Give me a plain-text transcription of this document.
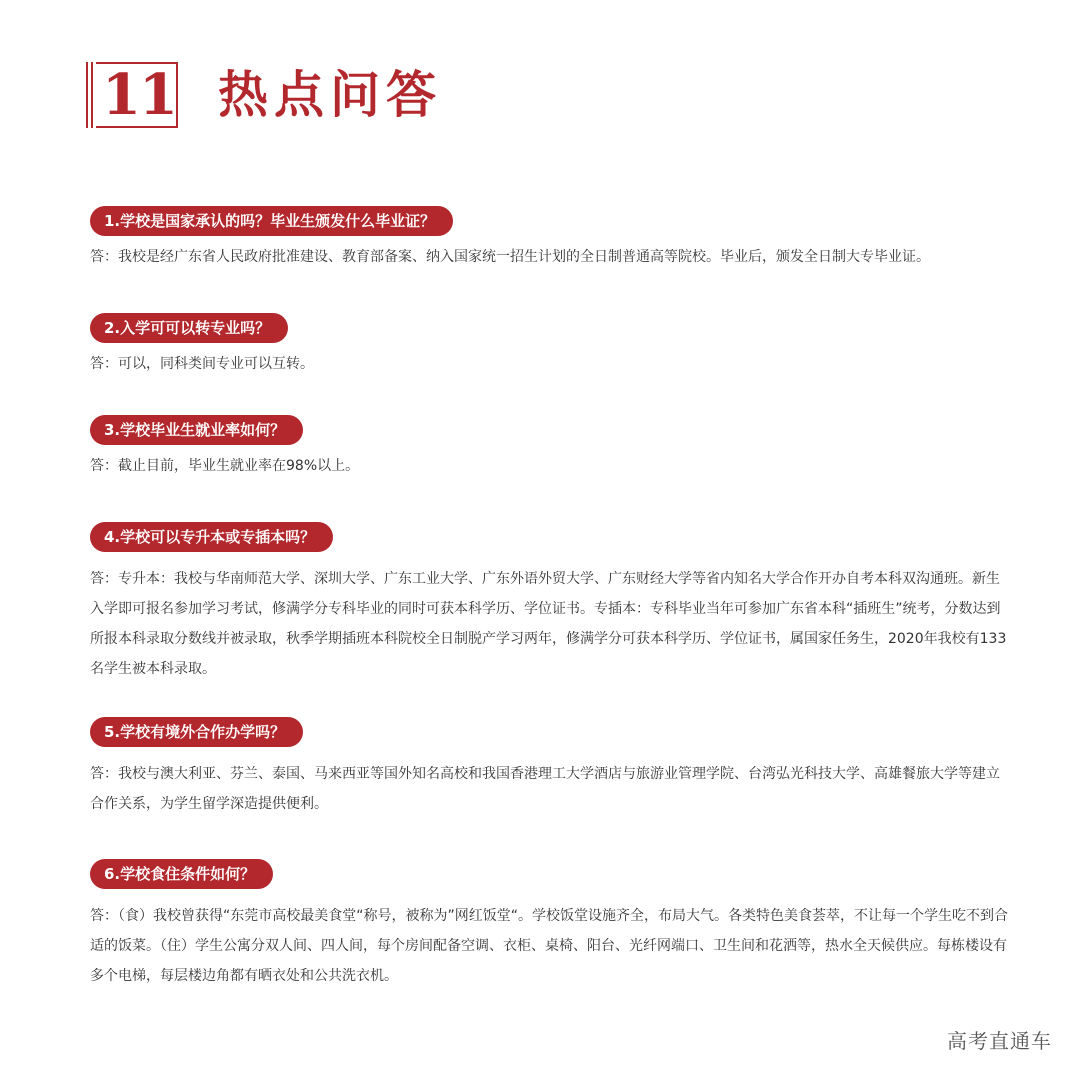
11 热点问答
1.学校是国家承认的吗？毕业生颁发什么毕业证？
答：我校是经广东省人民政府批准建设、教育部备案、纳入国家统一招生计划的全日制普通高等院校。毕业后，颁发全日制大专毕业证。
2.入学可可以转专业吗？
答：可以，同科类间专业可以互转。
3.学校毕业生就业率如何？
答：截止目前，毕业生就业率在98%以上。
4.学校可以专升本或专插本吗？
答：专升本：我校与华南师范大学、深圳大学、广东工业大学、广东外语外贸大学、广东财经大学等省内知名大学合作开办自考本科双沟通班。新生入学即可报名参加学习考试，修满学分专科毕业的同时可获本科学历、学位证书。专插本：专科毕业当年可参加广东省本科“插班生”统考，分数达到所报本科录取分数线并被录取，秋季学期插班本科院校全日制脱产学习两年，修满学分可获本科学历、学位证书，属国家任务生，2020年我校有133名学生被本科录取。
5.学校有境外合作办学吗？
答：我校与澳大利亚、芬兰、泰国、马来西亚等国外知名高校和我国香港理工大学酒店与旅游业管理学院、台湾弘光科技大学、高雄餐旅大学等建立合作关系，为学生留学深造提供便利。
6.学校食住条件如何？
答：（食）我校曾获得“东莞市高校最美食堂“称号，被称为”网红饭堂“。学校饭堂设施齐全，布局大气。各类特色美食荟萃，不让每一个学生吃不到合适的饭菜。（住）学生公寓分双人间、四人间，每个房间配备空调、衣柜、桌椅、阳台、光纤网端口、卫生间和花洒等，热水全天候供应。每栋楼设有多个电梯，每层楼边角都有晒衣处和公共洗衣机。
高考直通车
